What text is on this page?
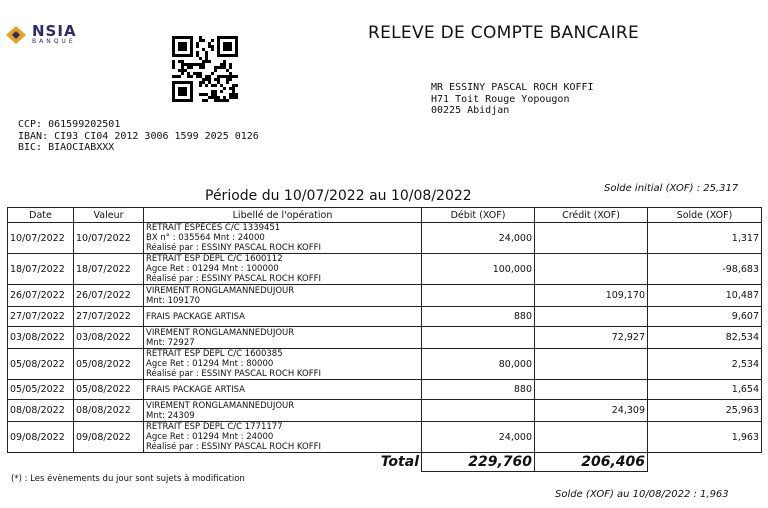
NSIA
BANQUE	RELEVE DE COMPTE BANCAIRE
MR ESSINY PASCAL ROCH KOFFI
H71 Toit Rouge Yopougon
00225 Abidjan
CCP: 061599202501
IBAN: CI93 CI04 2012 3006 1599 2025 0126
BIC: BIAOCIABXXX
Période du 10/07/2022 au 10/08/2022	Solde initial (XOF) : 25,317
Date	Valeur	Libellé de l'opération	Débit (XOF)	Crédit (XOF)	Solde (XOF)
10/07/2022	10/07/2022	RETRAIT ESPECES C/C 1339451
BX n° : 035564 Mnt : 24000
Réalisé par : ESSINY PASCAL ROCH KOFFI	24,000		1,317
18/07/2022	18/07/2022	RETRAIT ESP DEPL C/C 1600112
Agce Ret : 01294 Mnt : 100000
Réalisé par : ESSINY PASCAL ROCH KOFFI	100,000		-98,683
26/07/2022	26/07/2022	VIREMENT RONGLAMANNEDUJOUR
Mnt: 109170		109,170	10,487
27/07/2022	27/07/2022	FRAIS PACKAGE ARTISA	880		9,607
03/08/2022	03/08/2022	VIREMENT RONGLAMANNEDUJOUR
Mnt: 72927		72,927	82,534
05/08/2022	05/08/2022	RETRAIT ESP DEPL C/C 1600385
Agce Ret : 01294 Mnt : 80000
Réalisé par : ESSINY PASCAL ROCH KOFFI	80,000		2,534
05/05/2022	05/08/2022	FRAIS PACKAGE ARTISA	880		1,654
08/08/2022	08/08/2022	VIREMENT RONGLAMANNEDUJOUR
Mnt: 24309		24,309	25,963
09/08/2022	09/08/2022	RETRAIT ESP DEPL C/C 1771177
Agce Ret : 01294 Mnt : 24000
Réalisé par : ESSINY PASCAL ROCH KOFFI	24,000		1,963
Total			229,760	206,406	
(*) : Les évènements du jour sont sujets à modification
Solde (XOF) au 10/08/2022 : 1,963
